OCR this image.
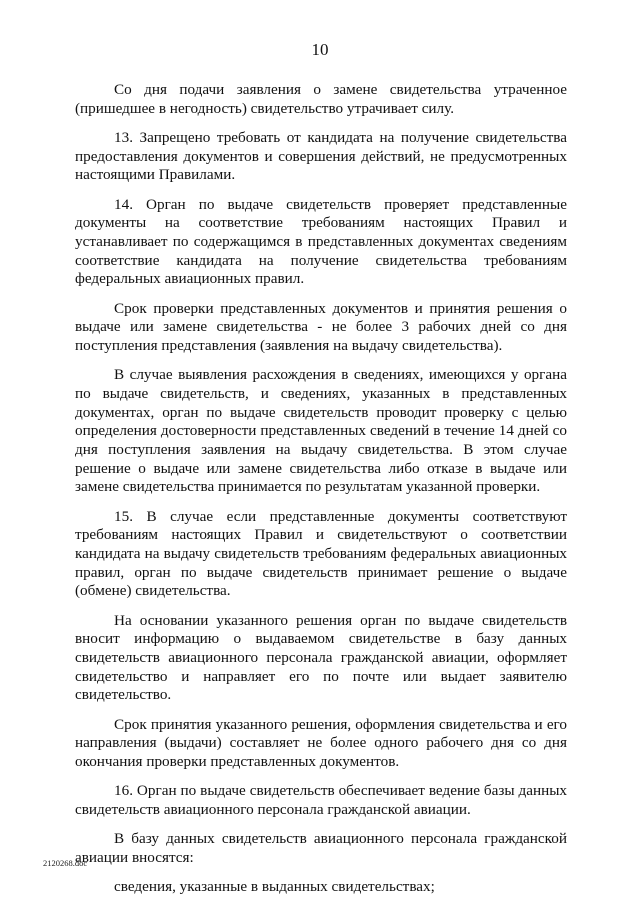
10

Со дня подачи заявления о замене свидетельства утраченное (пришедшее в негодность) свидетельство утрачивает силу.

13. Запрещено требовать от кандидата на получение свидетельства предоставления документов и совершения действий, не предусмотренных настоящими Правилами.

14. Орган по выдаче свидетельств проверяет представленные документы на соответствие требованиям настоящих Правил и устанавливает по содержащимся в представленных документах сведениям соответствие кандидата на получение свидетельства требованиям федеральных авиационных правил.

Срок проверки представленных документов и принятия решения о выдаче или замене свидетельства - не более 3 рабочих дней со дня поступления представления (заявления на выдачу свидетельства).

В случае выявления расхождения в сведениях, имеющихся у органа по выдаче свидетельств, и сведениях, указанных в представленных документах, орган по выдаче свидетельств проводит проверку с целью определения достоверности представленных сведений в течение 14 дней со дня поступления заявления на выдачу свидетельства. В этом случае решение о выдаче или замене свидетельства либо отказе в выдаче или замене свидетельства принимается по результатам указанной проверки.

15. В случае если представленные документы соответствуют требованиям настоящих Правил и свидетельствуют о соответствии кандидата на выдачу свидетельств требованиям федеральных авиационных правил, орган по выдаче свидетельств принимает решение о выдаче (обмене) свидетельства.

На основании указанного решения орган по выдаче свидетельств вносит информацию о выдаваемом свидетельстве в базу данных свидетельств авиационного персонала гражданской авиации, оформляет свидетельство и направляет его по почте или выдает заявителю свидетельство.

Срок принятия указанного решения, оформления свидетельства и его направления (выдачи) составляет не более одного рабочего дня со дня окончания проверки представленных документов.

16. Орган по выдаче свидетельств обеспечивает ведение базы данных свидетельств авиационного персонала гражданской авиации.

В базу данных свидетельств авиационного персонала гражданской авиации вносятся:

сведения, указанные в выданных свидетельствах;

2120268.doc
